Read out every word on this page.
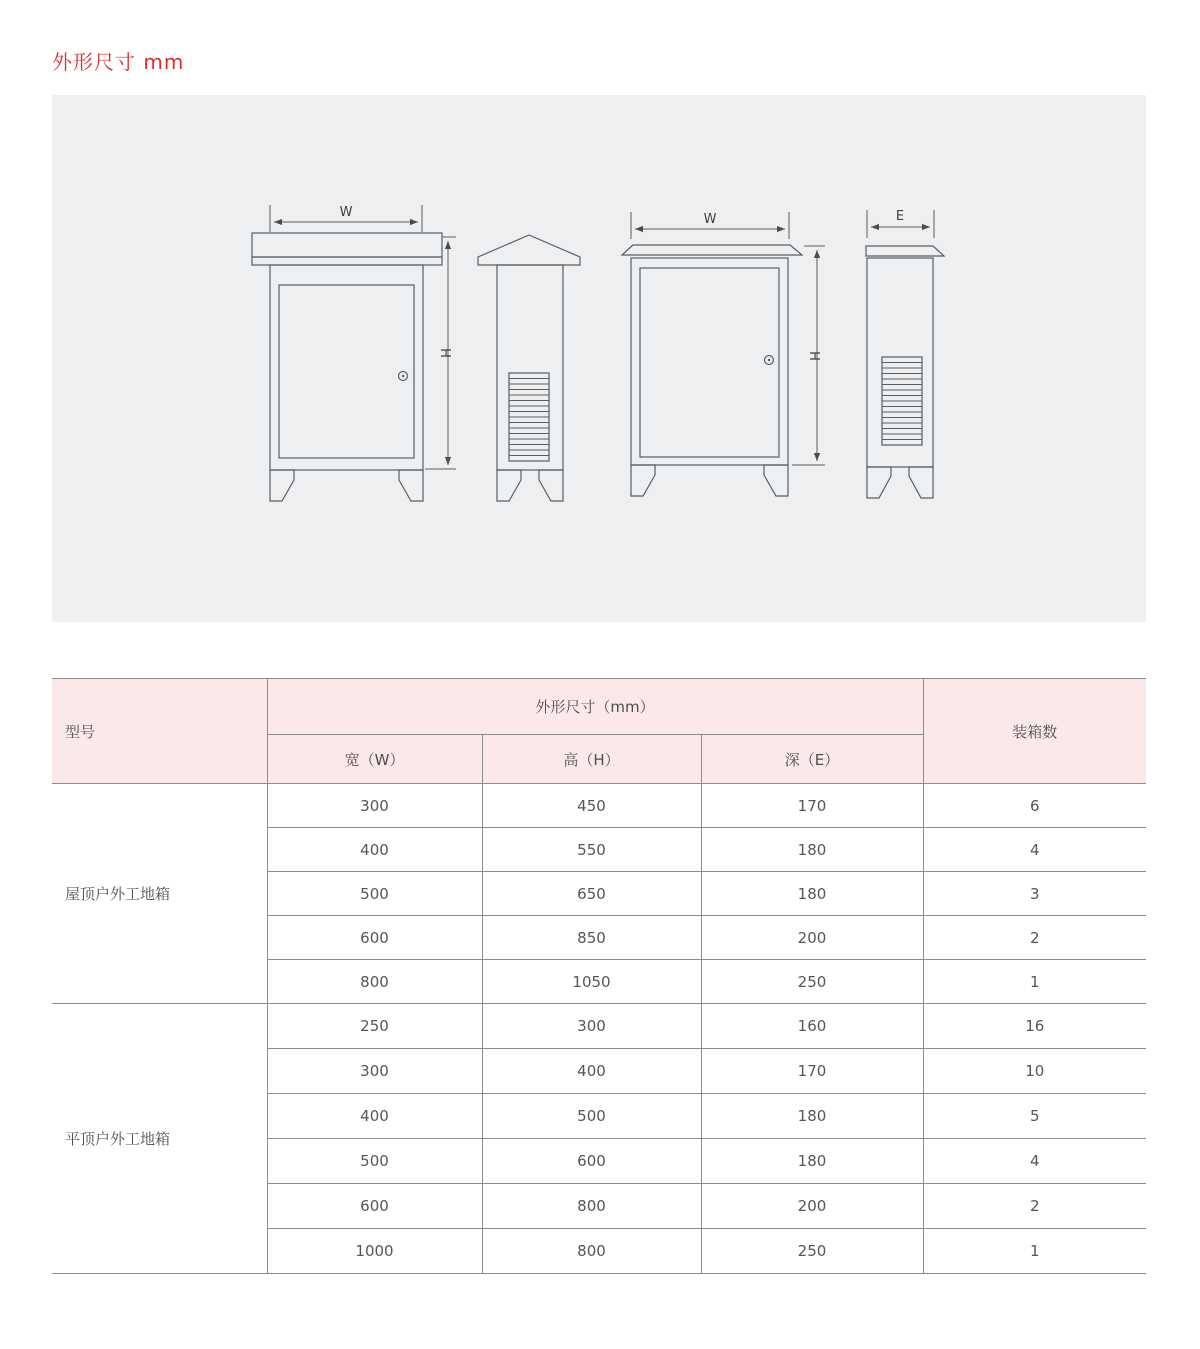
外形尺寸 mm
W
H
W
H
E
型号	外形尺寸（mm）			装箱数
	宽（W）	高（H）	深（E）	
屋顶户外工地箱	300	450	170	6
	400	550	180	4
	500	650	180	3
	600	850	200	2
	800	1050	250	1
平顶户外工地箱	250	300	160	16
	300	400	170	10
	400	500	180	5
	500	600	180	4
	600	800	200	2
	1000	800	250	1
